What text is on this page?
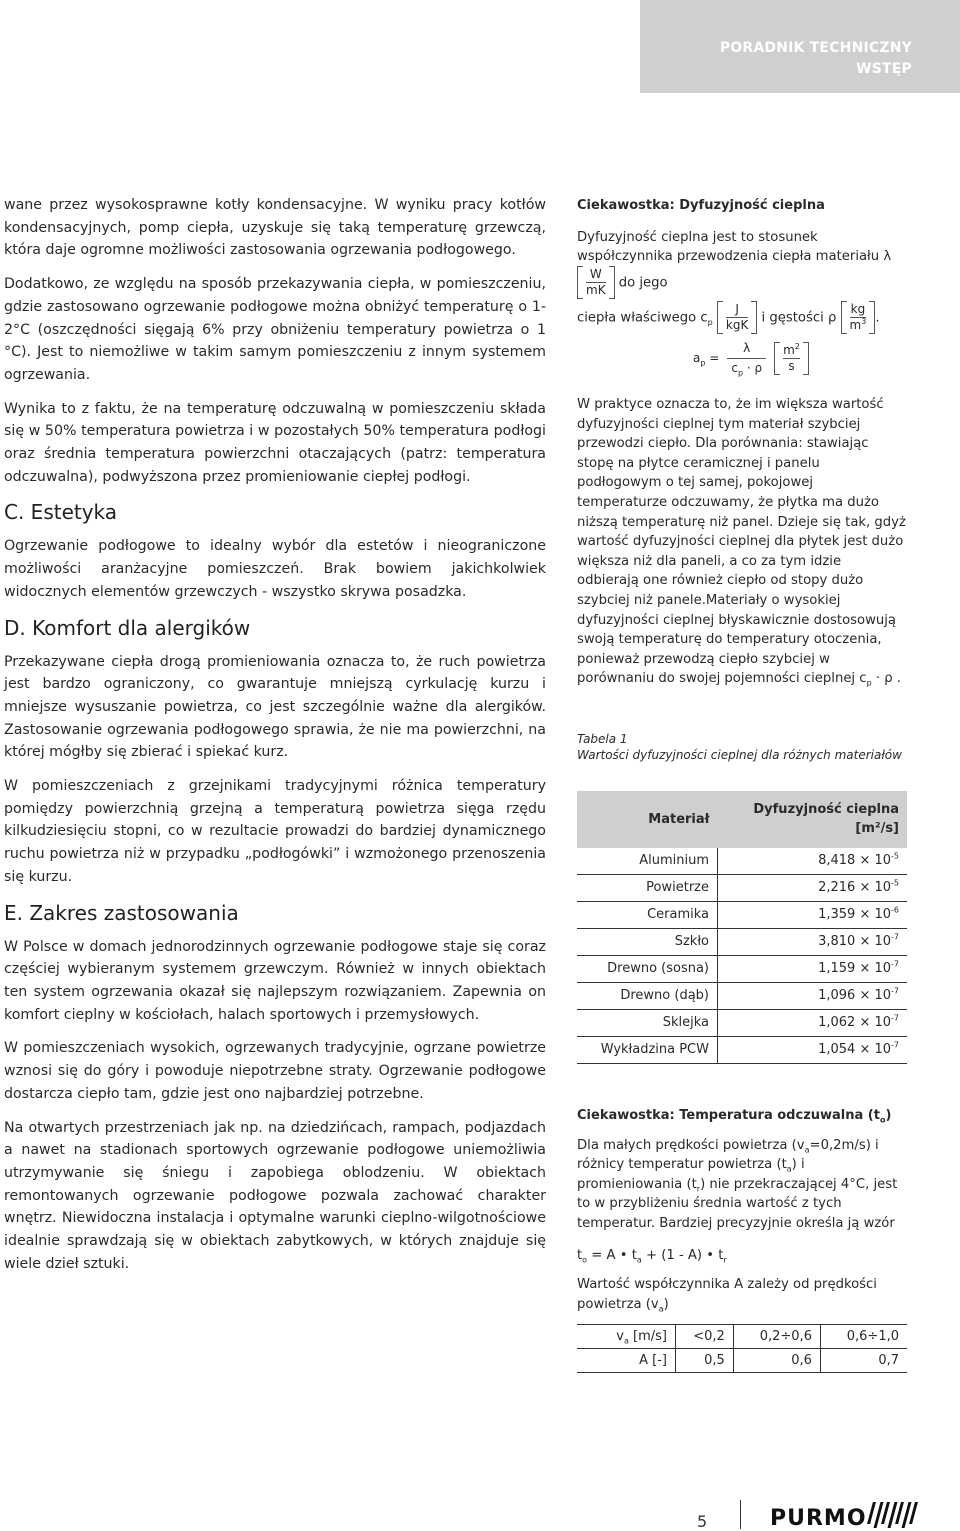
PORADNIK TECHNICZNY
WSTĘP

wane przez wysokosprawne kotły kondensacyjne. W wyniku pracy kotłów kondensacyjnych, pomp ciepła, uzyskuje się taką temperaturę grzewczą, która daje ogromne możliwości zastosowania ogrzewania podłogowego.

Dodatkowo, ze względu na sposób przekazywania ciepła, w pomieszczeniu, gdzie zastosowano ogrzewanie podłogowe można obniżyć temperaturę o 1-2°C (oszczędności sięgają 6% przy obniżeniu temperatury powietrza o 1 °C). Jest to niemożliwe w takim samym pomieszczeniu z innym systemem ogrzewania.

Wynika to z faktu, że na temperaturę odczuwalną w pomieszczeniu składa się w 50% temperatura powietrza i w pozostałych 50% temperatura podłogi oraz średnia temperatura powierzchni otaczających (patrz: temperatura odczuwalna), podwyższona przez promieniowanie ciepłej podłogi.

C. Estetyka

Ogrzewanie podłogowe to idealny wybór dla estetów i nieograniczone możliwości aranżacyjne pomieszczeń. Brak bowiem jakichkolwiek widocznych elementów grzewczych - wszystko skrywa posadzka.

D. Komfort dla alergików

Przekazywane ciepła drogą promieniowania oznacza to, że ruch powietrza jest bardzo ograniczony, co gwarantuje mniejszą cyrkulację kurzu i mniejsze wysuszanie powietrza, co jest szczególnie ważne dla alergików. Zastosowanie ogrzewania podłogowego sprawia, że nie ma powierzchni, na której mógłby się zbierać i spiekać kurz.

W pomieszczeniach z grzejnikami tradycyjnymi różnica temperatury pomiędzy powierzchnią grzejną a temperaturą powietrza sięga rzędu kilkudziesięciu stopni, co w rezultacie prowadzi do bardziej dynamicznego ruchu powietrza niż w przypadku „podłogówki” i wzmożonego przenoszenia się kurzu.

E. Zakres zastosowania

W Polsce w domach jednorodzinnych ogrzewanie podłogowe staje się coraz częściej wybieranym systemem grzewczym. Również w innych obiektach ten system ogrzewania okazał się najlepszym rozwiązaniem. Zapewnia on komfort cieplny w kościołach, halach sportowych i przemysłowych.

W pomieszczeniach wysokich, ogrzewanych tradycyjnie, ogrzane powietrze wznosi się do góry i powoduje niepotrzebne straty. Ogrzewanie podłogowe dostarcza ciepło tam, gdzie jest ono najbardziej potrzebne.

Na otwartych przestrzeniach jak np. na dziedzińcach, rampach, podjazdach a nawet na stadionach sportowych ogrzewanie podłogowe uniemożliwia utrzymywanie się śniegu i zapobiega oblodzeniu. W obiektach remontowanych ogrzewanie podłogowe pozwala zachować charakter wnętrz. Niewidoczna instalacja i optymalne warunki cieplno-wilgotnościowe idealnie sprawdzają się w obiektach zabytkowych, w których znajduje się wiele dzieł sztuki.

Ciekawostka: Dyfuzyjność cieplna

Dyfuzyjność cieplna jest to stosunek współczynnika przewodzenia ciepła materiału λ
$\frac{W}{mK}$ do jego

ciepła właściwego $c_p \frac{J}{\text{kgK}}$ i gęstości ρ $\frac{kg}{m^3}$ .

$a_p = \frac{\lambda}{c_p \cdot \rho} \frac{m^2}{s}$

W praktyce oznacza to, że im większa wartość dyfuzyjności cieplnej tym materiał szybciej przewodzi ciepło. Dla porównania: stawiając stopę na płytce ceramicznej i panelu podłogowym o tej samej, pokojowej temperaturze odczuwamy, że płytka ma dużo niższą temperaturę niż panel. Dzieje się tak, gdyż wartość dyfuzyjności cieplnej dla płytek jest dużo większa niż dla paneli, a co za tym idzie odbierają one również ciepło od stopy dużo szybciej niż panele.Materiały o wysokiej dyfuzyjności cieplnej błyskawicznie dostosowują swoją temperaturę do temperatury otoczenia, ponieważ przewodzą ciepło szybciej w porównaniu do swojej pojemności cieplnej $c_p \cdot \rho$ .

Tabela 1
Wartości dyfuzyjności cieplnej dla różnych materiałów
Materiał	Dyfuzyjność cieplna [m²/s]
Aluminium	$8,418 \times 10^{-5}$
Powietrze	$2,216 \times 10^{-5}$
Ceramika	$1,359 \times 10^{-6}$
Szkło	$3,810 \times 10^{-7}$
Drewno (sosna)	$1,159 \times 10^{-7}$
Drewno (dąb)	$1,096 \times 10^{-7}$
Sklejka	$1,062 \times 10^{-7}$
Wykładzina PCW	$1,054 \times 10^{-7}$

Ciekawostka: Temperatura odczuwalna $(t_o)$

Dla małych prędkości powietrza $(v_a=0,2m/s)$ i różnicy temperatur powietrza $(t_a)$ i promieniowania $(t_r)$ nie przekraczającej 4°C, jest to w przybliżeniu średnia wartość z tych temperatur. Bardziej precyzyjnie określa ją wzór

$t_o = A$ • $t_a + (1 - A)$ • $t_r$

Wartość współczynnika A zależy od prędkości powietrza $(v_a)$

$v_a$ [m/s]	<0,2	0,2÷0,6	0,6÷1,0
A [-]	0,5	0,6	0,7
5	PURMO
